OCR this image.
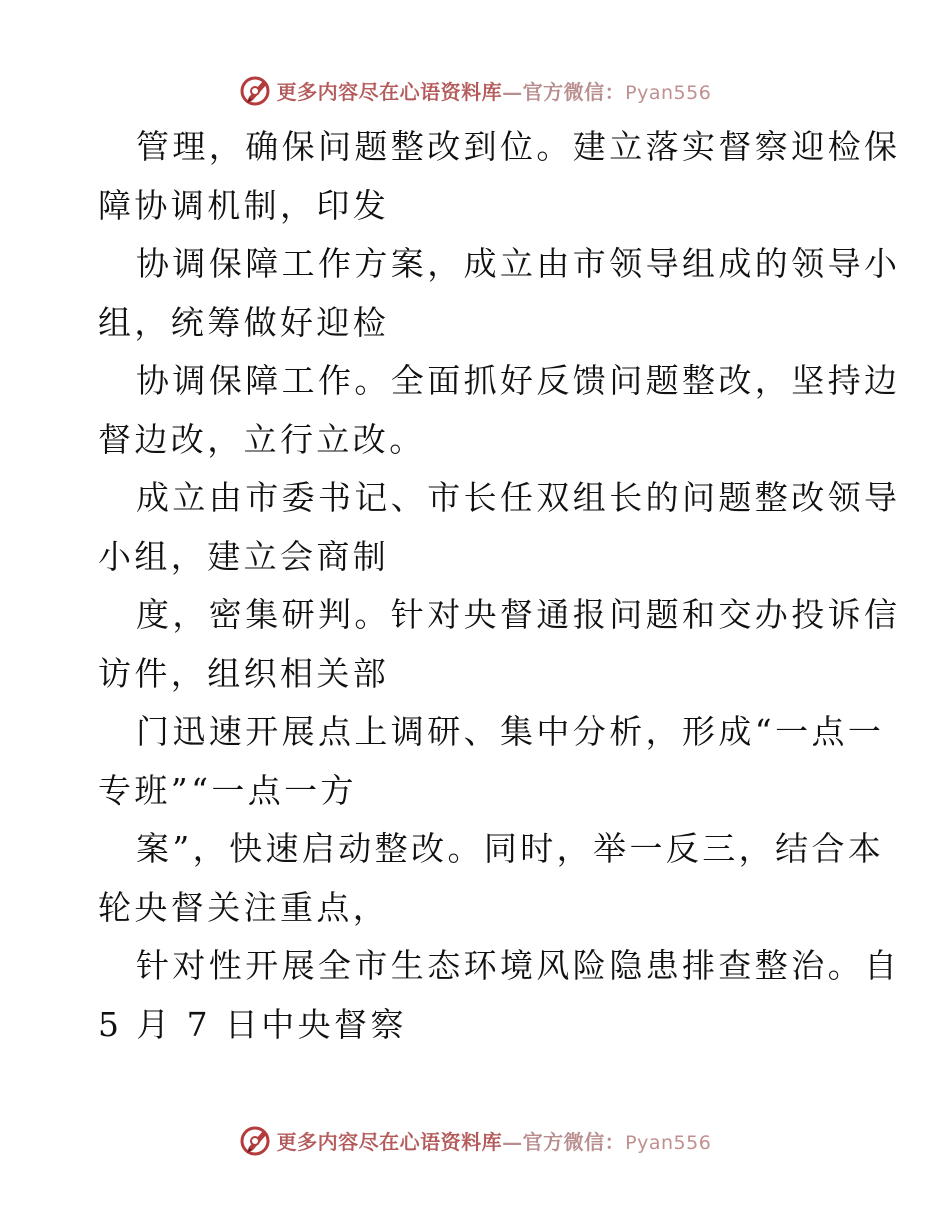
更多内容尽在心语资料库—官方微信：Pyan556
管理，确保问题整改到位。建立落实督察迎检保
障协调机制，印发
协调保障工作方案，成立由市领导组成的领导小
组，统筹做好迎检
协调保障工作。全面抓好反馈问题整改，坚持边
督边改，立行立改。
成立由市委书记、市长任双组长的问题整改领导
小组，建立会商制
度，密集研判。针对央督通报问题和交办投诉信
访件，组织相关部
门迅速开展点上调研、集中分析，形成“一点一
专班”“一点一方
案”，快速启动整改。同时，举一反三，结合本
轮央督关注重点，
针对性开展全市生态环境风险隐患排查整治。自
5 月 7 日中央督察
更多内容尽在心语资料库—官方微信：Pyan556
